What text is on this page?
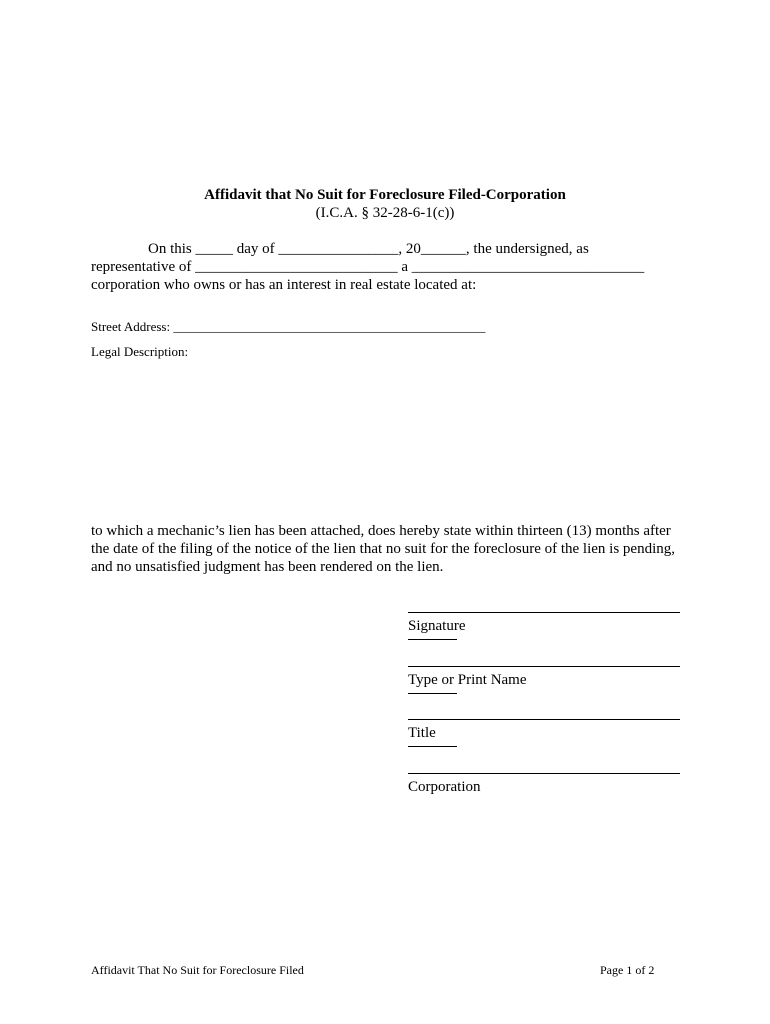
Affidavit that No Suit for Foreclosure Filed-Corporation
(I.C.A. § 32-28-6-1(c))
On this _____ day of ________________, 20______, the undersigned, as
representative of ___________________________ a _______________________________
corporation who owns or has an interest in real estate located at:
Street Address: ________________________________________________
Legal Description:
to which a mechanic’s lien has been attached, does hereby state within thirteen (13) months after
the date of the filing of the notice of the lien that no suit for the foreclosure of the lien is pending,
and no unsatisfied judgment has been rendered on the lien.
Signature
Type or Print Name
Title
Corporation
Affidavit That No Suit for Foreclosure Filed	Page 1 of 2
